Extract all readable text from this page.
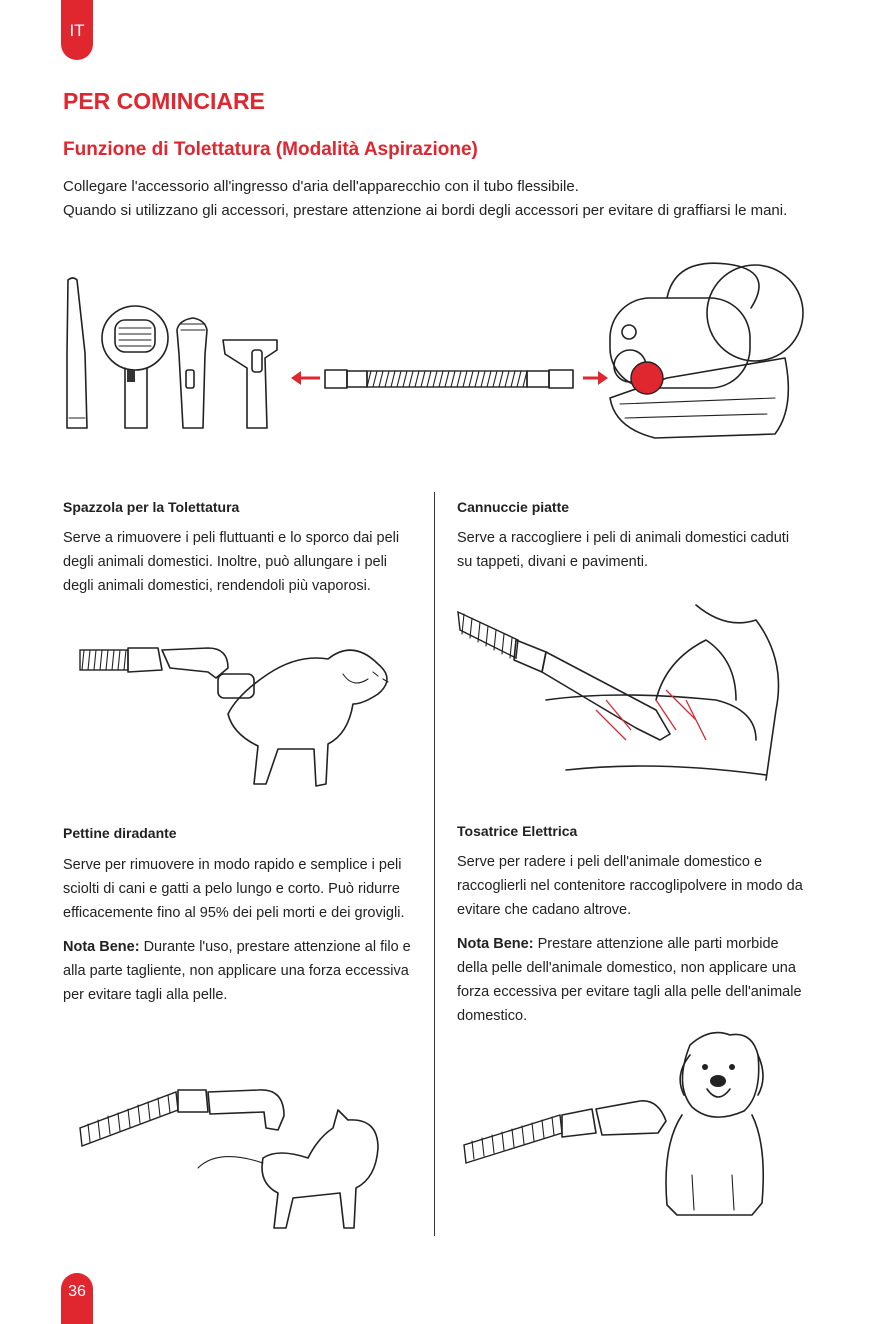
IT
PER COMINCIARE
Funzione di Tolettatura (Modalità Aspirazione)

Collegare l'accessorio all'ingresso d'aria dell'apparecchio con il tubo flessibile.

Quando si utilizzano gli accessori, prestare attenzione ai bordi degli accessori per evitare di graffiarsi le mani.

Spazzola per la Tolettatura

Serve a rimuovere i peli fluttuanti e lo sporco dai peli degli animali domestici. Inoltre, può allungare i peli degli animali domestici, rendendoli più vaporosi.

Cannuccie piatte

Serve a raccogliere i peli di animali domestici caduti su tappeti, divani e pavimenti.

Pettine diradante

Serve per rimuovere in modo rapido e semplice i peli sciolti di cani e gatti a pelo lungo e corto. Può ridurre efficacemente fino al 95% dei peli morti e dei grovigli.

Nota Bene: Durante l'uso, prestare attenzione al filo e alla parte tagliente, non applicare una forza eccessiva per evitare tagli alla pelle.

Tosatrice Elettrica

Serve per radere i peli dell'animale domestico e raccoglierli nel contenitore raccoglipolvere in modo da evitare che cadano altrove.

Nota Bene: Prestare attenzione alle parti morbide della pelle dell'animale domestico, non applicare una forza eccessiva per evitare tagli alla pelle dell'animale domestico.

36
